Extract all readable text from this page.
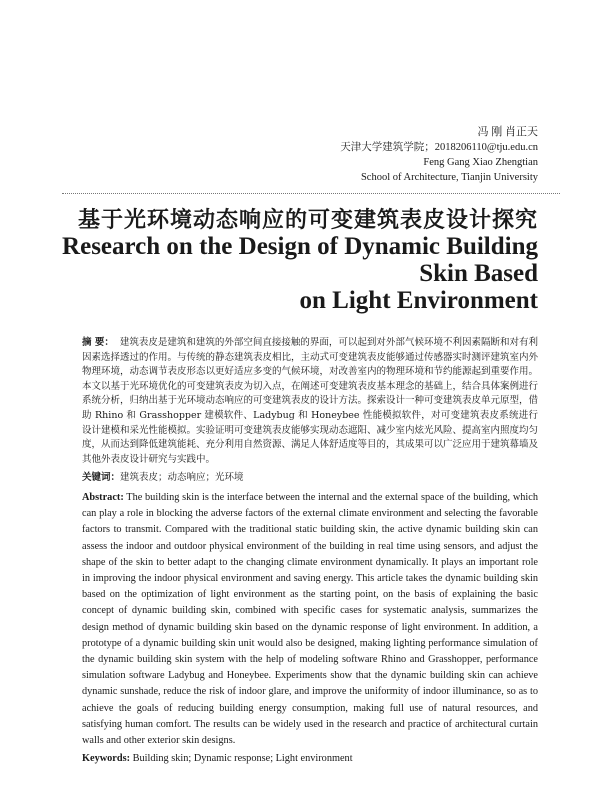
冯 刚 肖正天
天津大学建筑学院；2018206110@tju.edu.cn
Feng Gang Xiao Zhengtian
School of Architecture, Tianjin University
基于光环境动态响应的可变建筑表皮设计探究
Research on the Design of Dynamic Building Skin Based
on Light Environment

摘 要： 建筑表皮是建筑和建筑的外部空间直接接触的界面，可以起到对外部气候环境不利因素隔断和对有利因素选择透过的作用。与传统的静态建筑表皮相比，主动式可变建筑表皮能够通过传感器实时测评建筑室内外物理环境，动态调节表皮形态以更好适应多变的气候环境，对改善室内的物理环境和节约能源起到重要作用。本文以基于光环境优化的可变建筑表皮为切入点，在阐述可变建筑表皮基本理念的基础上，结合具体案例进行系统分析，归纳出基于光环境动态响应的可变建筑表皮的设计方法。探索设计一种可变建筑表皮单元原型，借助 Rhino 和 Grasshopper 建模软件、Ladybug 和 Honeybee 性能模拟软件，对可变建筑表皮系统进行设计建模和采光性能模拟。实验证明可变建筑表皮能够实现动态遮阳、减少室内炫光风险、提高室内照度均匀度，从而达到降低建筑能耗、充分利用自然资源、满足人体舒适度等目的，其成果可以广泛应用于建筑幕墙及其他外表皮设计研究与实践中。

关键词：建筑表皮；动态响应；光环境

Abstract: The building skin is the interface between the internal and the external space of the building, which can play a role in blocking the adverse factors of the external climate environment and selecting the favorable factors to transmit. Compared with the traditional static building skin, the active dynamic building skin can assess the indoor and outdoor physical environment of the building in real time using sensors, and adjust the shape of the skin to better adapt to the changing climate environment dynamically. It plays an important role in improving the indoor physical environment and saving energy. This article takes the dynamic building skin based on the optimization of light environment as the starting point, on the basis of explaining the basic concept of dynamic building skin, combined with specific cases for systematic analysis, summarizes the design method of dynamic building skin based on the dynamic response of light environment. In addition, a prototype of a dynamic building skin unit would also be designed, making lighting performance simulation of the dynamic building skin system with the help of modeling software Rhino and Grasshopper, performance simulation software Ladybug and Honeybee. Experiments show that the dynamic building skin can achieve dynamic sunshade, reduce the risk of indoor glare, and improve the uniformity of indoor illuminance, so as to achieve the goals of reducing building energy consumption, making full use of natural resources, and satisfying human comfort. The results can be widely used in the research and practice of architectural curtain walls and other exterior skin designs.

Keywords: Building skin; Dynamic response; Light environment
